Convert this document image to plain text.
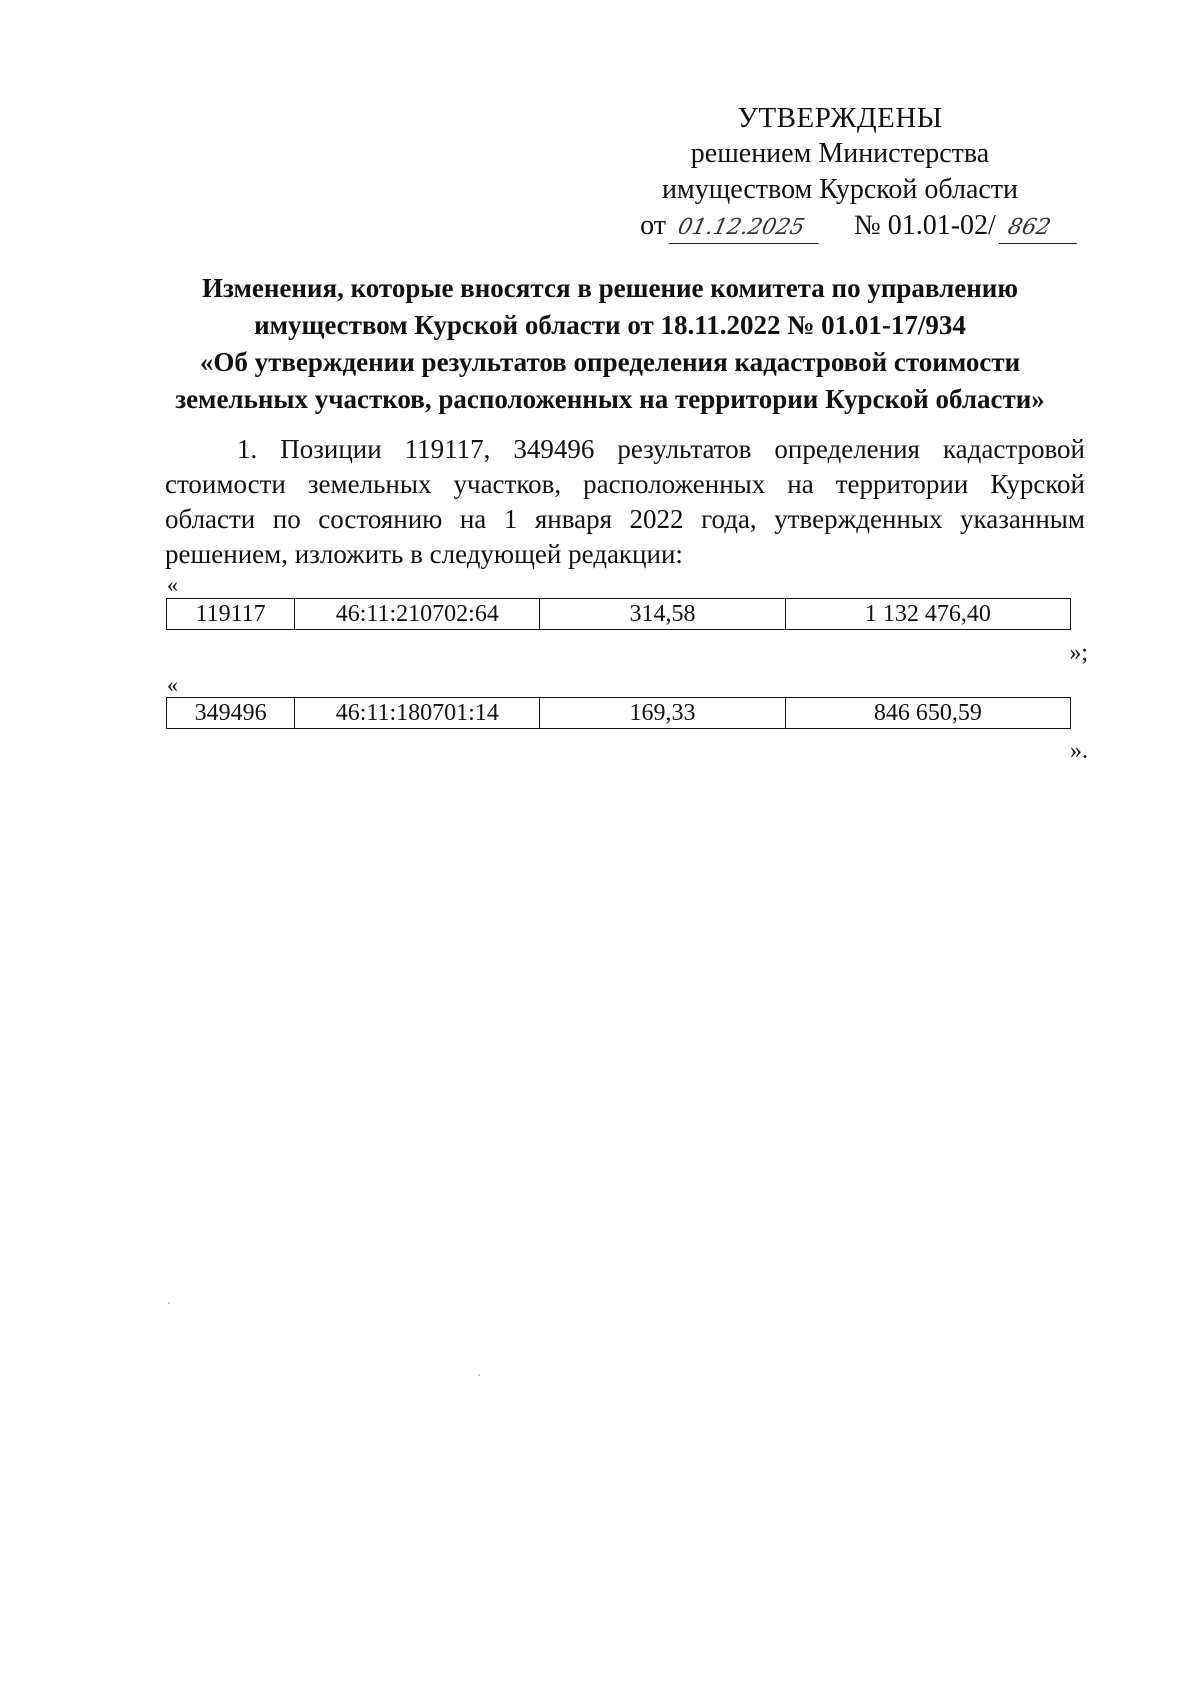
УТВЕРЖДЕНЫ
решением Министерства
имуществом Курской области
от 01.12.2025	№ 01.01-02/ 862
Изменения, которые вносятся в решение комитета по управлению
имуществом Курской области от 18.11.2022 № 01.01-17/934
«Об утверждении результатов определения кадастровой стоимости
земельных участков, расположенных на территории Курской области»
1. Позиции 119117, 349496 результатов определения кадастровой стоимости земельных участков, расположенных на территории Курской области по состоянию на 1 января 2022 года, утвержденных указанным решением, изложить в следующей редакции:
«
119117	46:11:210702:64	314,58	1 132 476,40
»;
«
349496	46:11:180701:14	169,33	846 650,59
».
